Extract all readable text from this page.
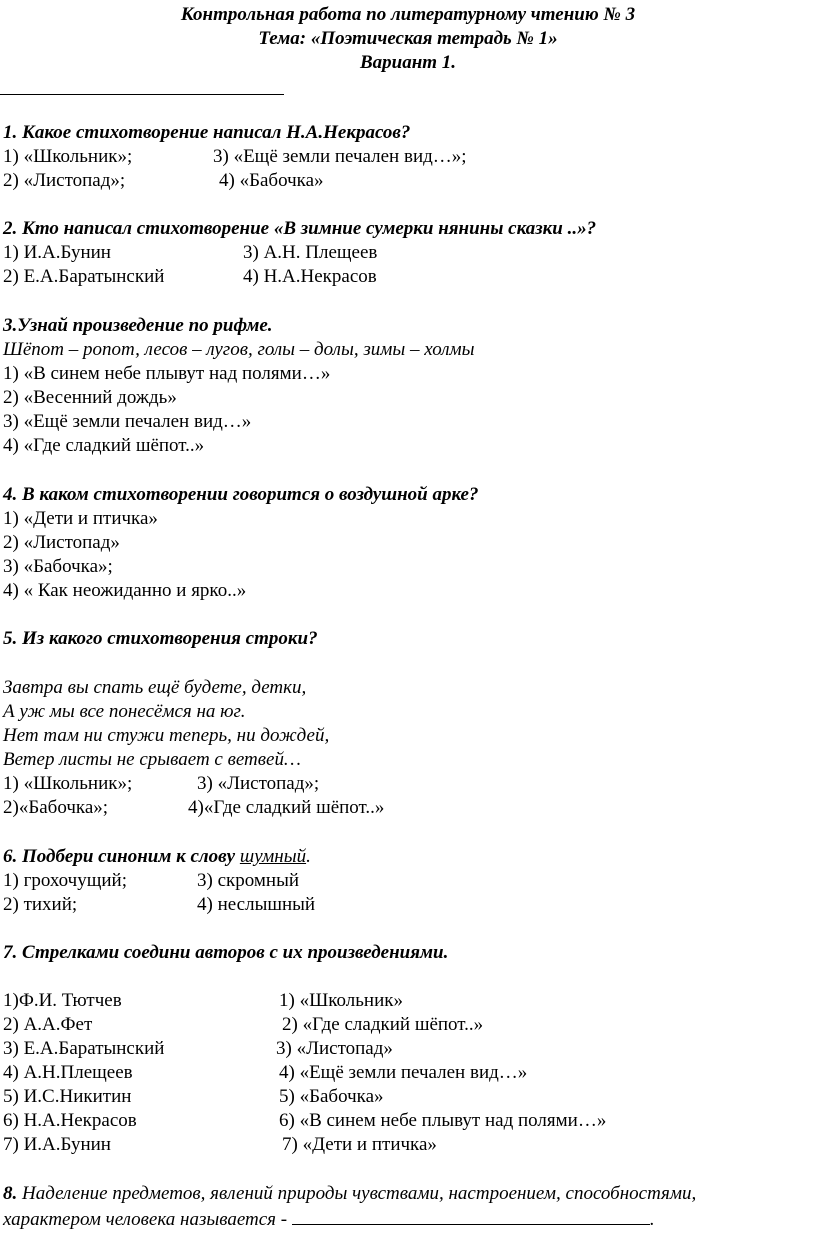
Контрольная работа по литературному чтению № 3
Тема: «Поэтическая тетрадь № 1»
Вариант 1.
1. Какое стихотворение написал Н.А.Некрасов?
1) «Школьник»;	3) «Ещё земли печален вид…»;
2) «Листопад»;	4) «Бабочка»
2. Кто написал стихотворение «В зимние сумерки нянины сказки ..»?
1) И.А.Бунин	3) А.Н. Плещеев
2) Е.А.Баратынский	4) Н.А.Некрасов
3.Узнай произведение по рифме.
Шёпот – ропот, лесов – лугов, голы – долы, зимы – холмы
1) «В синем небе плывут над полями…»
2) «Весенний дождь»
3) «Ещё земли печален вид…»
4) «Где сладкий шёпот..»
4. В каком стихотворении говорится о воздушной арке?
1) «Дети и птичка»
2) «Листопад»
3) «Бабочка»;
4) « Как неожиданно и ярко..»
5. Из какого стихотворения строки?
Завтра вы спать ещё будете, детки,
А уж мы все понесёмся на юг.
Нет там ни стужи теперь, ни дождей,
Ветер листы не срывает с ветвей…
1) «Школьник»;	3) «Листопад»;
2)«Бабочка»;	4)«Где сладкий шёпот..»
6. Подбери синоним к слову шумный.
1) грохочущий;	3) скромный
2) тихий;	4) неслышный
7. Стрелками соедини авторов с их произведениями.
1)Ф.И. Тютчев	1) «Школьник»
2) А.А.Фет	2) «Где сладкий шёпот..»
3) Е.А.Баратынский	3) «Листопад»
4) А.Н.Плещеев	4) «Ещё земли печален вид…»
5) И.С.Никитин	5) «Бабочка»
6) Н.А.Некрасов	6) «В синем небе плывут над полями…»
7) И.А.Бунин	7) «Дети и птичка»
8. Наделение предметов, явлений природы чувствами, настроением, способностями,
характером человека называется -	.
